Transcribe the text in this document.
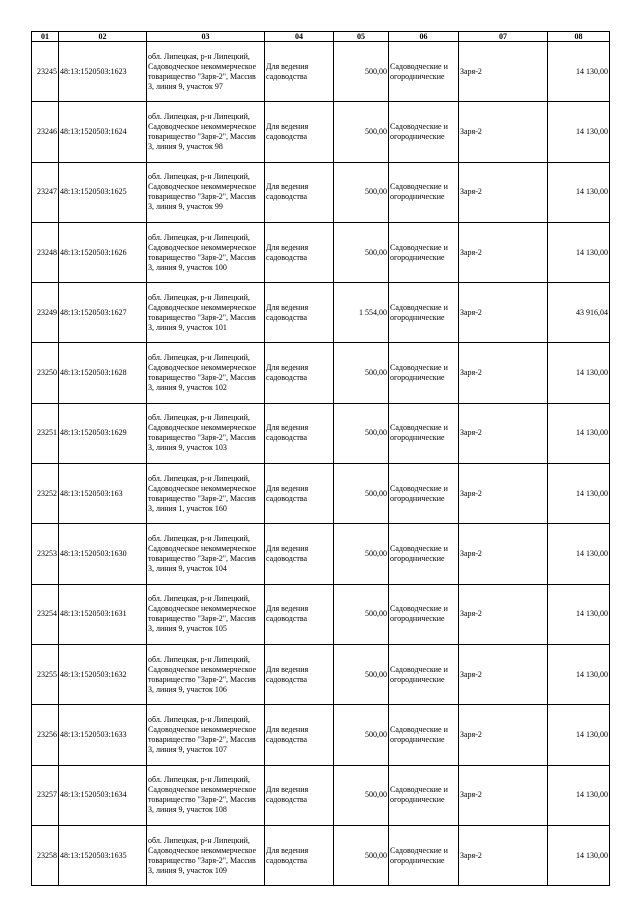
01	02	03	04	05	06	07	08
23245	48:13:1520503:1623	обл. Липецкая, р-н Липецкий, Садоводческое некоммерческое товарищество "Заря-2", Массив 3, линия 9, участок 97	Для ведения садоводства	500,00	Садоводческие и огороднические	Заря-2	14 130,00
23246	48:13:1520503:1624	обл. Липецкая, р-н Липецкий, Садоводческое некоммерческое товарищество "Заря-2", Массив 3, линия 9, участок 98	Для ведения садоводства	500,00	Садоводческие и огороднические	Заря-2	14 130,00
23247	48:13:1520503:1625	обл. Липецкая, р-н Липецкий, Садоводческое некоммерческое товарищество "Заря-2", Массив 3, линия 9, участок 99	Для ведения садоводства	500,00	Садоводческие и огороднические	Заря-2	14 130,00
23248	48:13:1520503:1626	обл. Липецкая, р-н Липецкий, Садоводческое некоммерческое товарищество "Заря-2", Массив 3, линия 9, участок 100	Для ведения садоводства	500,00	Садоводческие и огороднические	Заря-2	14 130,00
23249	48:13:1520503:1627	обл. Липецкая, р-н Липецкий, Садоводческое некоммерческое товарищество "Заря-2", Массив 3, линия 9, участок 101	Для ведения садоводства	1 554,00	Садоводческие и огороднические	Заря-2	43 916,04
23250	48:13:1520503:1628	обл. Липецкая, р-н Липецкий, Садоводческое некоммерческое товарищество "Заря-2", Массив 3, линия 9, участок 102	Для ведения садоводства	500,00	Садоводческие и огороднические	Заря-2	14 130,00
23251	48:13:1520503:1629	обл. Липецкая, р-н Липецкий, Садоводческое некоммерческое товарищество "Заря-2", Массив 3, линия 9, участок 103	Для ведения садоводства	500,00	Садоводческие и огороднические	Заря-2	14 130,00
23252	48:13:1520503:163	обл. Липецкая, р-н Липецкий, Садоводческое некоммерческое товарищество "Заря-2", Массив 3, линия 1, участок 160	Для ведения садоводства	500,00	Садоводческие и огороднические	Заря-2	14 130,00
23253	48:13:1520503:1630	обл. Липецкая, р-н Липецкий, Садоводческое некоммерческое товарищество "Заря-2", Массив 3, линия 9, участок 104	Для ведения садоводства	500,00	Садоводческие и огороднические	Заря-2	14 130,00
23254	48:13:1520503:1631	обл. Липецкая, р-н Липецкий, Садоводческое некоммерческое товарищество "Заря-2", Массив 3, линия 9, участок 105	Для ведения садоводства	500,00	Садоводческие и огороднические	Заря-2	14 130,00
23255	48:13:1520503:1632	обл. Липецкая, р-н Липецкий, Садоводческое некоммерческое товарищество "Заря-2", Массив 3, линия 9, участок 106	Для ведения садоводства	500,00	Садоводческие и огороднические	Заря-2	14 130,00
23256	48:13:1520503:1633	обл. Липецкая, р-н Липецкий, Садоводческое некоммерческое товарищество "Заря-2", Массив 3, линия 9, участок 107	Для ведения садоводства	500,00	Садоводческие и огороднические	Заря-2	14 130,00
23257	48:13:1520503:1634	обл. Липецкая, р-н Липецкий, Садоводческое некоммерческое товарищество "Заря-2", Массив 3, линия 9, участок 108	Для ведения садоводства	500,00	Садоводческие и огороднические	Заря-2	14 130,00
23258	48:13:1520503:1635	обл. Липецкая, р-н Липецкий, Садоводческое некоммерческое товарищество "Заря-2", Массив 3, линия 9, участок 109	Для ведения садоводства	500,00	Садоводческие и огороднические	Заря-2	14 130,00
